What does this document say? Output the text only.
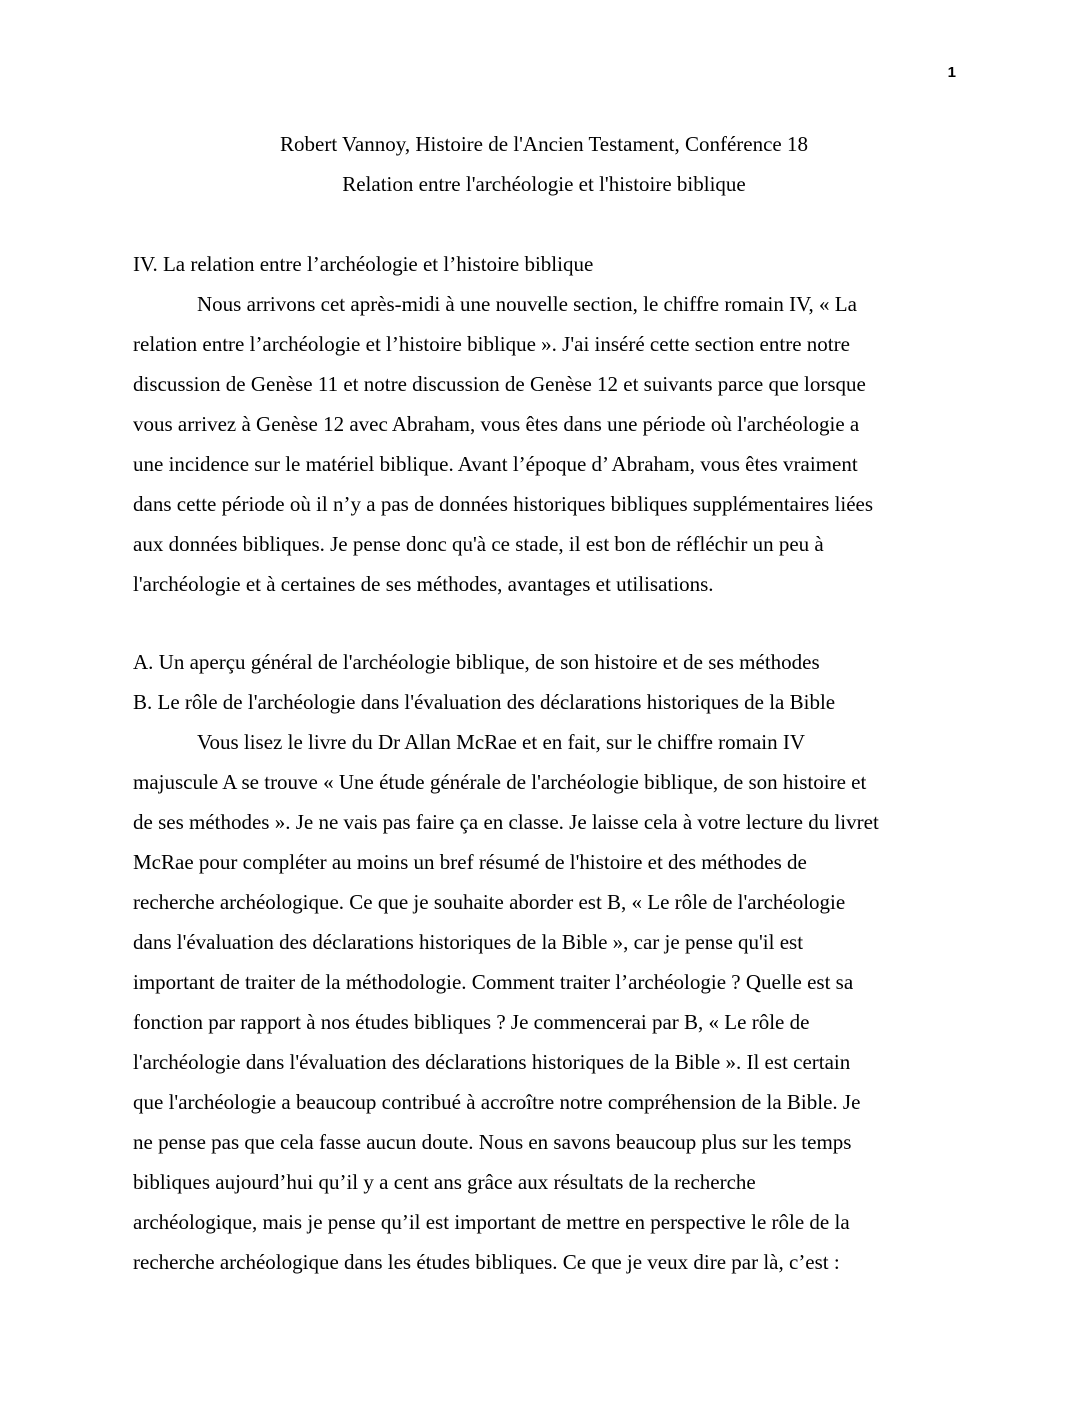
1
Robert Vannoy, Histoire de l'Ancien Testament, Conférence 18
Relation entre l'archéologie et l'histoire biblique
IV. La relation entre l’archéologie et l’histoire biblique
Nous arrivons cet après-midi à une nouvelle section, le chiffre romain IV, « La
relation entre l’archéologie et l’histoire biblique ». J'ai inséré cette section entre notre
discussion de Genèse 11 et notre discussion de Genèse 12 et suivants parce que lorsque
vous arrivez à Genèse 12 avec Abraham, vous êtes dans une période où l'archéologie a
une incidence sur le matériel biblique. Avant l’époque d’ Abraham, vous êtes vraiment
dans cette période où il n’y a pas de données historiques bibliques supplémentaires liées
aux données bibliques. Je pense donc qu'à ce stade, il est bon de réfléchir un peu à
l'archéologie et à certaines de ses méthodes, avantages et utilisations.
A. Un aperçu général de l'archéologie biblique, de son histoire et de ses méthodes
B. Le rôle de l'archéologie dans l'évaluation des déclarations historiques de la Bible
Vous lisez le livre du Dr Allan McRae et en fait, sur le chiffre romain IV
majuscule A se trouve « Une étude générale de l'archéologie biblique, de son histoire et
de ses méthodes ». Je ne vais pas faire ça en classe. Je laisse cela à votre lecture du livret
McRae pour compléter au moins un bref résumé de l'histoire et des méthodes de
recherche archéologique. Ce que je souhaite aborder est B, « Le rôle de l'archéologie
dans l'évaluation des déclarations historiques de la Bible », car je pense qu'il est
important de traiter de la méthodologie. Comment traiter l’archéologie ? Quelle est sa
fonction par rapport à nos études bibliques ? Je commencerai par B, « Le rôle de
l'archéologie dans l'évaluation des déclarations historiques de la Bible ». Il est certain
que l'archéologie a beaucoup contribué à accroître notre compréhension de la Bible. Je
ne pense pas que cela fasse aucun doute. Nous en savons beaucoup plus sur les temps
bibliques aujourd’hui qu’il y a cent ans grâce aux résultats de la recherche
archéologique, mais je pense qu’il est important de mettre en perspective le rôle de la
recherche archéologique dans les études bibliques. Ce que je veux dire par là, c’est :
